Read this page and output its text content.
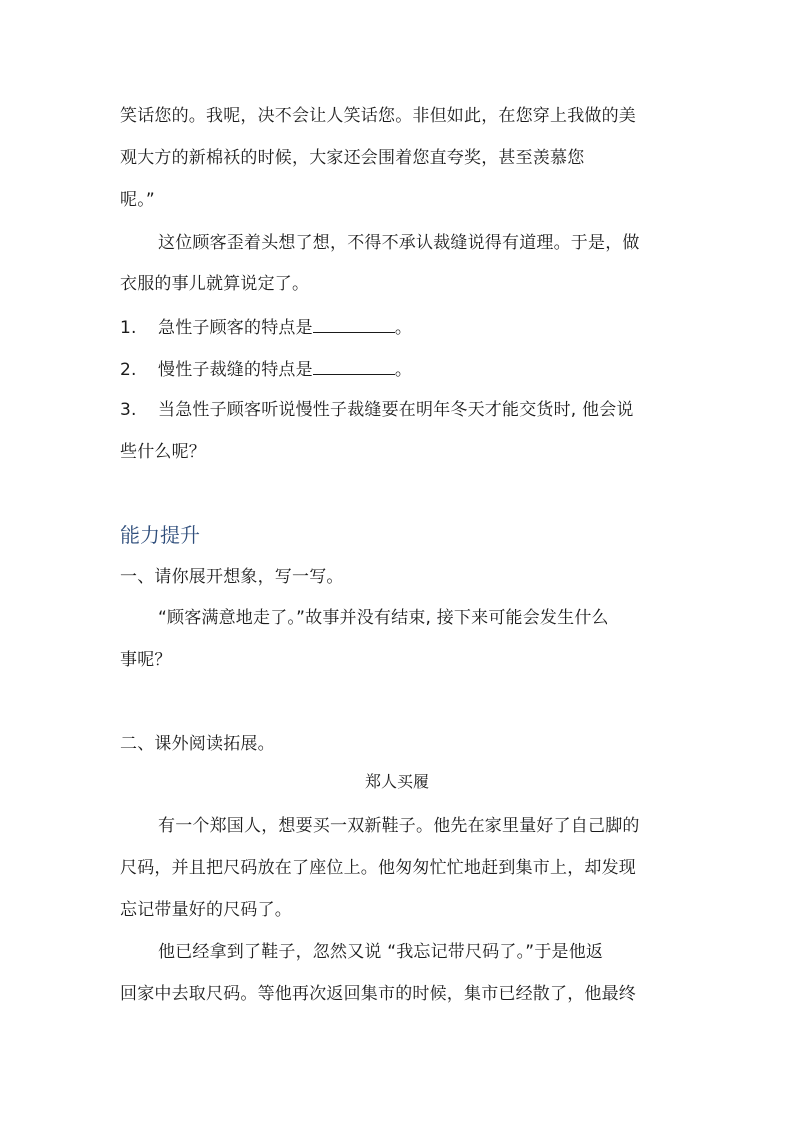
笑话您的。我呢，决不会让人笑话您。非但如此，在您穿上我做的美
观大方的新棉袄的时候，大家还会围着您直夸奖，甚至羡慕您
呢。”
这位顾客歪着头想了想，不得不承认裁缝说得有道理。于是，做
衣服的事儿就算说定了。
1. 急性子顾客的特点是	。
2. 慢性子裁缝的特点是	。
3. 当急性子顾客听说慢性子裁缝要在明年冬天才能交货时, 他会说
些什么呢？
能力提升
一、请你展开想象，写一写。
“顾客满意地走了。”故事并没有结束, 接下来可能会发生什么
事呢？
二、课外阅读拓展。
郑人买履
有一个郑国人，想要买一双新鞋子。他先在家里量好了自己脚的
尺码，并且把尺码放在了座位上。他匆匆忙忙地赶到集市上，却发现
忘记带量好的尺码了。
他已经拿到了鞋子，忽然又说 “我忘记带尺码了。”于是他返
回家中去取尺码。等他再次返回集市的时候，集市已经散了，他最终
